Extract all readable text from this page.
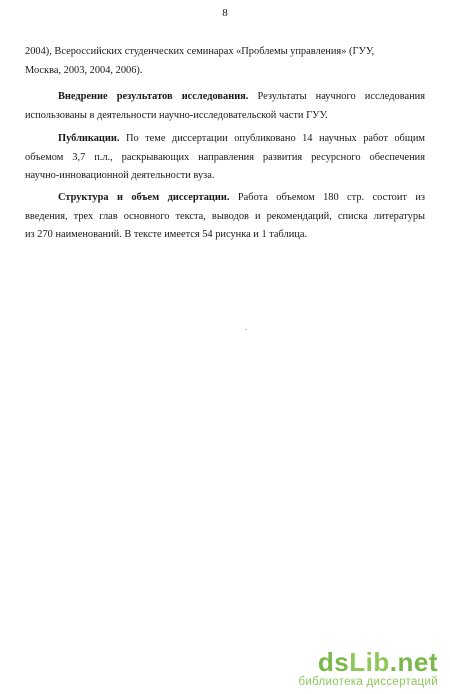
8

2004), Всероссийских студенческих семинарах «Проблемы управления» (ГУУ,

Москва, 2003, 2004, 2006).

Внедрение результатов исследования. Результаты научного исследования

использованы в деятельности научно-исследовательской части ГУУ.

Публикации. По теме диссертации опубликовано 14 научных работ общим

объемом 3,7 п.л., раскрывающих направления развития ресурсного обеспечения

научно-инновационной деятельности вуза.

Структура и объем диссертации. Работа объемом 180 стр. состоит из

введения, трех глав основного текста, выводов и рекомендаций, списка литературы

из 270 наименований. В тексте имеется 54 рисунка и 1 таблица.

dsLib.net
библиотека диссертаций
